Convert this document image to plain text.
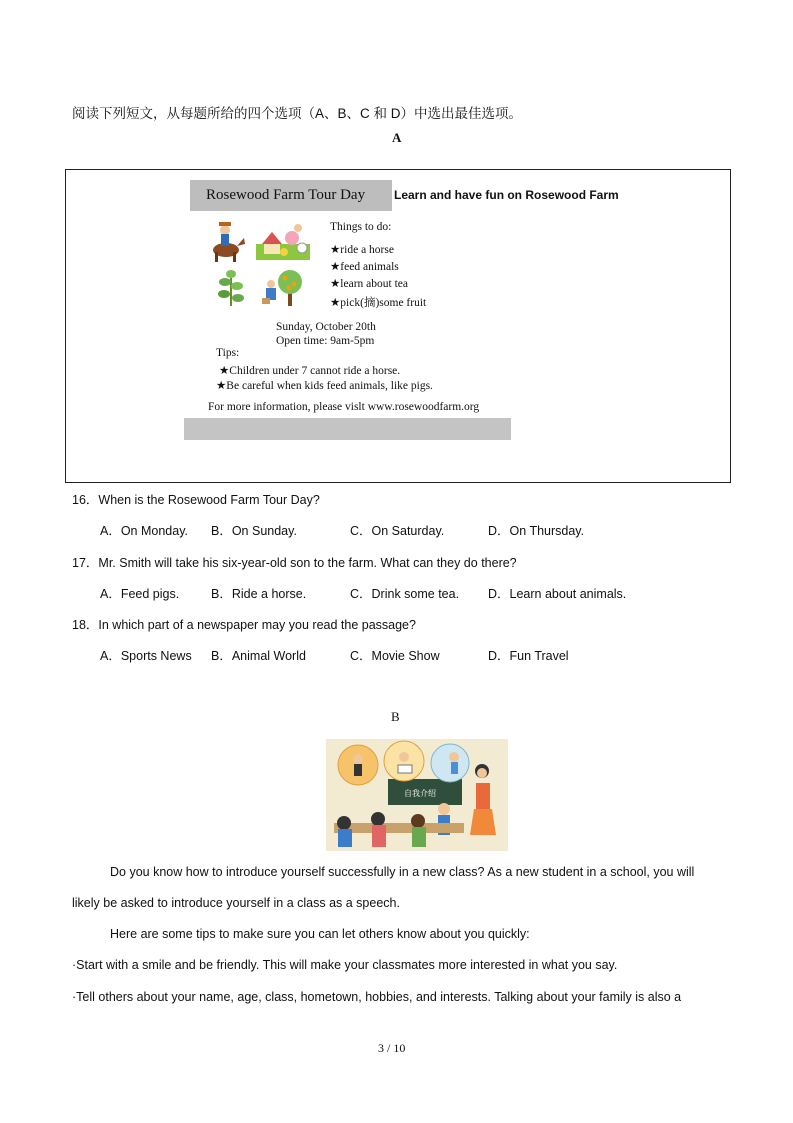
阅读下列短文，从每题所给的四个选项（A、B、C 和 D）中选出最佳选项。
A
Rosewood Farm Tour Day	Learn and have fun on Rosewood Farm
Things to do:
★ride a horse
★feed animals
★learn about tea
★pick(摘)some fruit
Sunday, October 20th
Open time: 9am-5pm
Tips:
★Children under 7 cannot ride a horse.
★Be careful when kids feed animals, like pigs.
For more information, please vislt www.rosewoodfarm.org
16．When is the Rosewood Farm Tour Day?
A．On Monday. B．On Sunday.	C．On Saturday.	D．On Thursday.
17．Mr. Smith will take his six-year-old son to the farm. What can they do there?
A．Feed pigs.	B．Ride a horse.	C．Drink some tea. D．Learn about animals.
18．In which part of a newspaper may you read the passage?
A．Sports News B．Animal World	C．Movie Show	D．Fun Travel
B
自我介绍
Do you know how to introduce yourself successfully in a new class? As a new student in a school, you will
likely be asked to introduce yourself in a class as a speech.
Here are some tips to make sure you can let others know about you quickly:
·Start with a smile and be friendly. This will make your classmates more interested in what you say.
·Tell others about your name, age, class, hometown, hobbies, and interests. Talking about your family is also a
3 / 10
